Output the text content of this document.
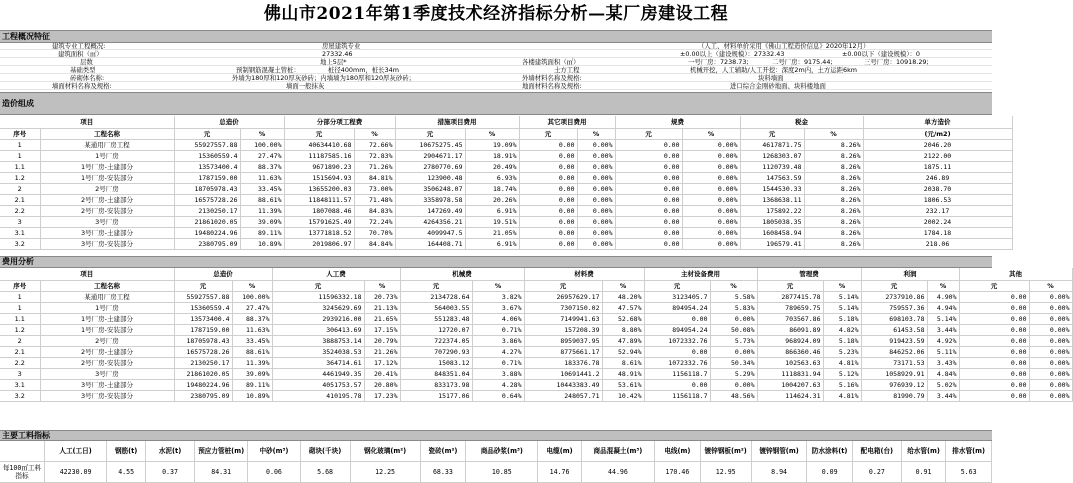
佛山市2021年第1季度技术经济指标分析—某厂房建设工程
工程概况特征
建筑专业工程概况:	房屋建筑专业	（人工、材料单价采用《佛山工程造价信息》2020年12月）
建筑面积（㎡）	27332.46	±0.00以上（建设规模）：27332.43	±0.00以下（建设规模）：0
层数	地上5层*	各楼建筑面积（㎡）	一号厂房：7238.73;	二号厂房：9175.44;	三号厂房：10918.29;
基础类型	预制钢筋混凝土管桩：	桩径400mm，桩长34m	土方工程	机械开挖，人工辅助/人工开挖：深度2m内，土方运距6km
砖砌体名称:	外墙为180厚和120厚灰砂砖；内墙墙为180厚和120厚灰砂砖；	外墙材料名称及规格:	块料墙面
墙面材料名称及规格:	墙面一般抹灰	地面材料名称及规格:	进口综合金刚砂地面、块料楼地面
造价组成
项目		总造价		分部分项工程费		措施项目费用		其它项目费用		规费		税金		单方造价
序号	工程名称	元	%	元	%	元	%	元	%	元	%	元	%	(元/m2)
1	某通用厂房工程	55927557.88	100.00%	40634410.68	72.66%	10675275.45	19.09%	0.00	0.00%	0.00	0.00%	4617871.75	8.26%	2046.20
1	1号厂房	15360559.4	27.47%	11187585.16	72.83%	2904671.17	18.91%	0.00	0.00%	0.00	0.00%	1268303.07	8.26%	2122.00
1.1	1号厂房-土建部分	13573400.4	88.37%	9671890.23	71.26%	2780770.69	20.49%	0.00	0.00%	0.00	0.00%	1120739.48	8.26%	1875.11
1.2	1号厂房-安装部分	1787159.00	11.63%	1515694.93	84.81%	123900.48	6.93%	0.00	0.00%	0.00	0.00%	147563.59	8.26%	246.89
2	2号厂房	18705978.43	33.45%	13655200.03	73.00%	3506248.07	18.74%	0.00	0.00%	0.00	0.00%	1544530.33	8.26%	2038.70
2.1	2号厂房-土建部分	16575728.26	88.61%	11848111.57	71.48%	3358978.58	20.26%	0.00	0.00%	0.00	0.00%	1368638.11	8.26%	1806.53
2.2	2号厂房-安装部分	2130250.17	11.39%	1807088.46	84.83%	147269.49	6.91%	0.00	0.00%	0.00	0.00%	175892.22	8.26%	232.17
3	3号厂房	21861020.05	39.09%	15791625.49	72.24%	4264356.21	19.51%	0.00	0.00%	0.00	0.00%	1805038.35	8.26%	2002.24
3.1	3号厂房-土建部分	19480224.96	89.11%	13771818.52	70.70%	4099947.5	21.05%	0.00	0.00%	0.00	0.00%	1608458.94	8.26%	1784.18
3.2	3号厂房-安装部分	2380795.09	10.89%	2019806.97	84.84%	164408.71	6.91%	0.00	0.00%	0.00	0.00%	196579.41	8.26%	218.06
费用分析
项目		总造价		人工费		机械费		材料费		主材设备费用		管理费		利润		其他	
序号	工程名称	元	%	元	%	元	%	元	%	元	%	元	%	元	%	元	%
1	某通用厂房工程	55927557.88	100.00%	11596332.18	20.73%	2134728.64	3.82%	26957629.17	48.20%	3123405.7	5.58%	2877415.78	5.14%	2737910.86	4.90%	0.00	0.00%
1	1号厂房	15360559.4	27.47%	3245629.69	21.13%	564003.55	3.67%	7307150.02	47.57%	894954.24	5.83%	789659.75	5.14%	759557.36	4.94%	0.00	0.00%
1.1	1号厂房-土建部分	13573400.4	88.37%	2939216.00	21.65%	551283.48	4.06%	7149941.63	52.68%	0.00	0.00%	703567.86	5.18%	698103.78	5.14%	0.00	0.00%
1.2	1号厂房-安装部分	1787159.00	11.63%	306413.69	17.15%	12720.07	0.71%	157208.39	8.80%	894954.24	50.08%	86091.89	4.82%	61453.58	3.44%	0.00	0.00%
2	2号厂房	18705978.43	33.45%	3888753.14	20.79%	722374.05	3.86%	8959037.95	47.89%	1072332.76	5.73%	968924.09	5.18%	919423.59	4.92%	0.00	0.00%
2.1	2号厂房-土建部分	16575728.26	88.61%	3524038.53	21.26%	707290.93	4.27%	8775661.17	52.94%	0.00	0.00%	866360.46	5.23%	846252.06	5.11%	0.00	0.00%
2.2	2号厂房-安装部分	2130250.17	11.39%	364714.61	17.12%	15083.12	0.71%	183376.78	8.61%	1072332.76	50.34%	102563.63	4.81%	73171.53	3.43%	0.00	0.00%
3	3号厂房	21861020.05	39.09%	4461949.35	20.41%	848351.04	3.88%	10691441.2	48.91%	1156118.7	5.29%	1118831.94	5.12%	1058929.91	4.84%	0.00	0.00%
3.1	3号厂房-土建部分	19480224.96	89.11%	4051753.57	20.80%	833173.98	4.28%	10443383.49	53.61%	0.00	0.00%	1004207.63	5.16%	976939.12	5.02%	0.00	0.00%
3.2	3号厂房-安装部分	2380795.09	10.89%	410195.78	17.23%	15177.06	0.64%	248057.71	10.42%	1156118.7	48.56%	114624.31	4.81%	81990.79	3.44%	0.00	0.00%
主要工料指标
	人工(工日)	钢筋(t)	水泥(t)	预应力管桩(m)	中砂(m³)	砌块(千块)	钢化玻璃(m²)	瓷砖(m²)	商品砂浆(m³)	电缆(m)	商品混凝土(m³)	电线(m)	镀锌钢板(m²)	镀锌钢管(m)	防水涂料(t)	配电箱(台)	给水管(m)	排水管(m)
每100㎡工料指标	42230.09	4.55	0.37	84.31	0.06	5.68	12.25	68.33	10.85	14.76	44.96	170.46	12.95	8.94	0.09	0.27	0.91	5.63
